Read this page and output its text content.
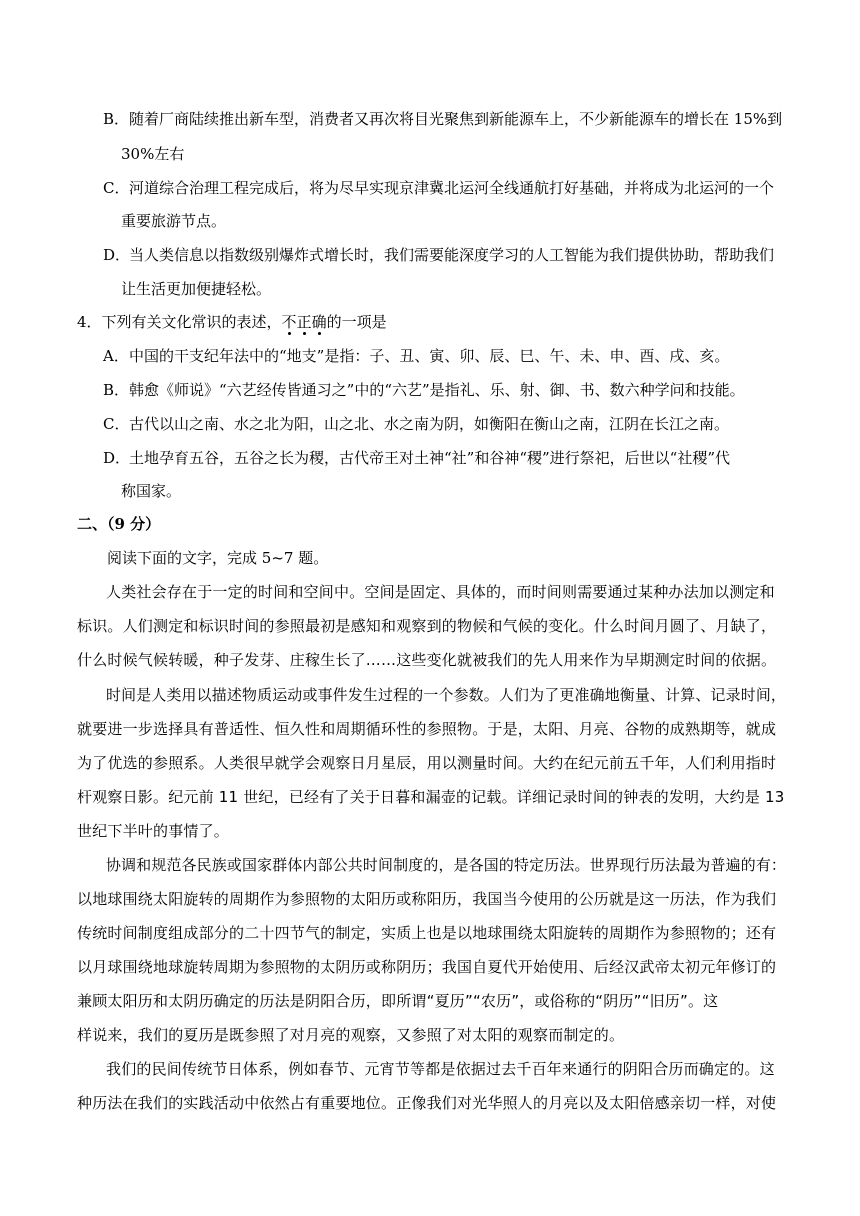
B．随着厂商陆续推出新车型，消费者又再次将目光聚焦到新能源车上，不少新能源车的增长在 15%到
30%左右
C．河道综合治理工程完成后，将为尽早实现京津冀北运河全线通航打好基础，并将成为北运河的一个
重要旅游节点。
D．当人类信息以指数级别爆炸式增长时，我们需要能深度学习的人工智能为我们提供协助，帮助我们
让生活更加便捷轻松。
4．下列有关文化常识的表述，不正确的一项是
A．中国的干支纪年法中的“地支”是指：子、丑、寅、卯、辰、巳、午、未、申、酉、戌、亥。
B．韩愈《师说》“六艺经传皆通习之”中的“六艺”是指礼、乐、射、御、书、数六种学问和技能。
C．古代以山之南、水之北为阳，山之北、水之南为阴，如衡阳在衡山之南，江阴在长江之南。
D．土地孕育五谷，五谷之长为稷，古代帝王对土神“社”和谷神“稷”进行祭祀，后世以“社稷”代
称国家。
二、（9 分）
阅读下面的文字，完成 5~7 题。
人类社会存在于一定的时间和空间中。空间是固定、具体的，而时间则需要通过某种办法加以测定和
标识。人们测定和标识时间的参照最初是感知和观察到的物候和气候的变化。什么时间月圆了、月缺了，
什么时候气候转暖，种子发芽、庄稼生长了……这些变化就被我们的先人用来作为早期测定时间的依据。
时间是人类用以描述物质运动或事件发生过程的一个参数。人们为了更准确地衡量、计算、记录时间，
就要进一步选择具有普适性、恒久性和周期循环性的参照物。于是，太阳、月亮、谷物的成熟期等，就成
为了优选的参照系。人类很早就学会观察日月星辰，用以测量时间。大约在纪元前五千年，人们利用指时
杆观察日影。纪元前 11 世纪，已经有了关于日暮和漏壶的记载。详细记录时间的钟表的发明，大约是 13
世纪下半叶的事情了。
协调和规范各民族或国家群体内部公共时间制度的，是各国的特定历法。世界现行历法最为普遍的有：
以地球围绕太阳旋转的周期作为参照物的太阳历或称阳历，我国当今使用的公历就是这一历法，作为我们
传统时间制度组成部分的二十四节气的制定，实质上也是以地球围绕太阳旋转的周期作为参照物的；还有
以月球围绕地球旋转周期为参照物的太阴历或称阴历；我国自夏代开始使用、后经汉武帝太初元年修订的
兼顾太阳历和太阴历确定的历法是阴阳合历，即所谓“夏历”“农历”，或俗称的“阴历”“旧历”。这
样说来，我们的夏历是既参照了对月亮的观察，又参照了对太阳的观察而制定的。
我们的民间传统节日体系，例如春节、元宵节等都是依据过去千百年来通行的阴阳合历而确定的。这
种历法在我们的实践活动中依然占有重要地位。正像我们对光华照人的月亮以及太阳倍感亲切一样，对使
